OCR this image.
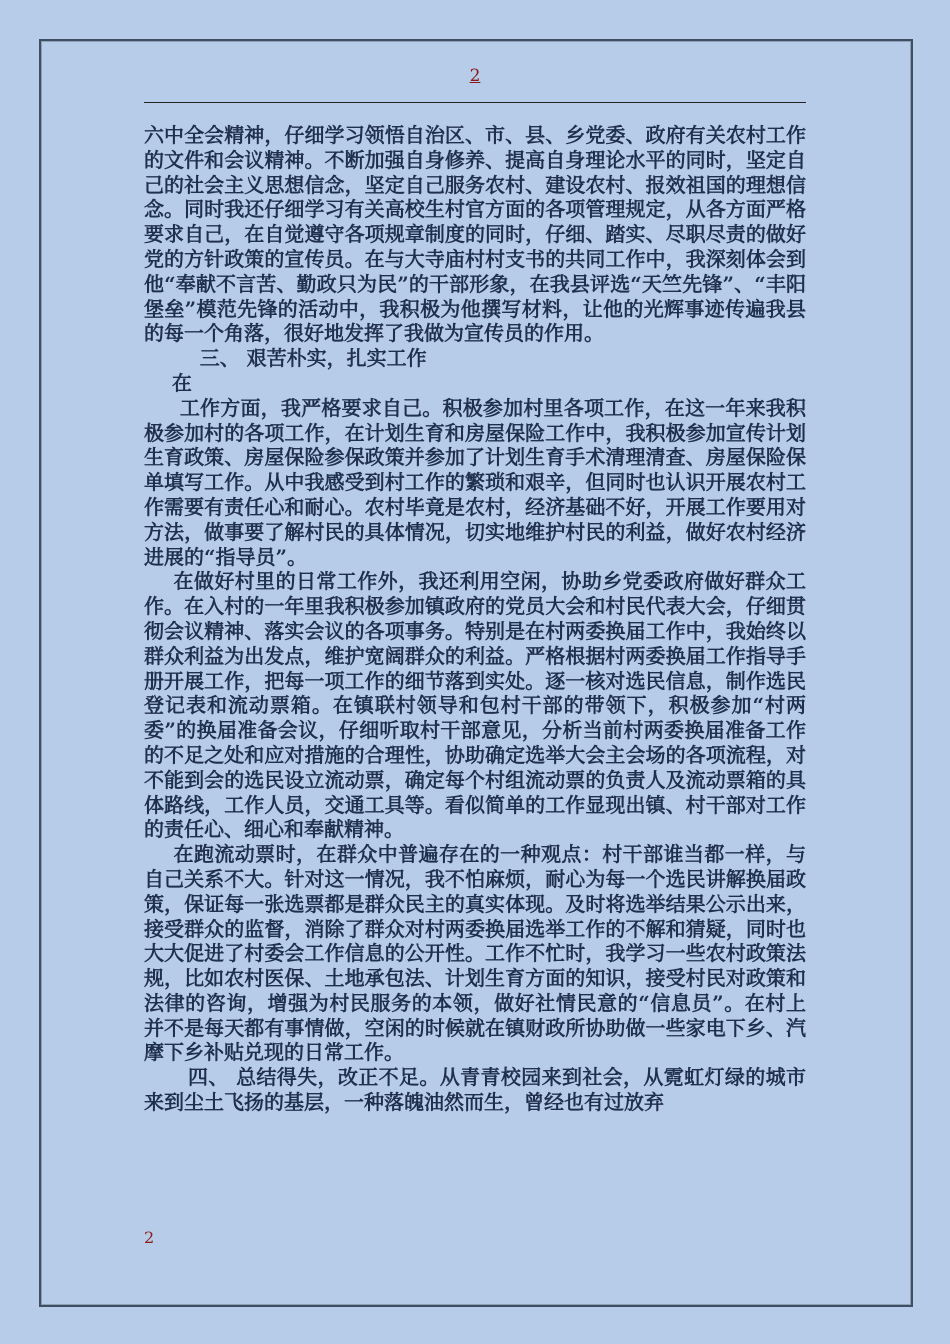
2

六中全会精神，仔细学习领悟自治区、市、县、乡党委、政府有关农村工作的文件和会议精神。不断加强自身修养、提高自身理论水平的同时，坚定自己的社会主义思想信念，坚定自己服务农村、建设农村、报效祖国的理想信念。同时我还仔细学习有关高校生村官方面的各项管理规定，从各方面严格要求自己，在自觉遵守各项规章制度的同时，仔细、踏实、尽职尽责的做好党的方针政策的宣传员。在与大寺庙村村支书的共同工作中，我深刻体会到他“奉献不言苦、勤政只为民”的干部形象，在我县评选“天竺先锋”、“丰阳堡垒”模范先锋的活动中，我积极为他撰写材料，让他的光辉事迹传遍我县的每一个角落，很好地发挥了我做为宣传员的作用。

三、 艰苦朴实，扎实工作

在

工作方面，我严格要求自己。积极参加村里各项工作，在这一年来我积极参加村的各项工作，在计划生育和房屋保险工作中，我积极参加宣传计划生育政策、房屋保险参保政策并参加了计划生育手术清理清查、房屋保险保单填写工作。从中我感受到村工作的繁琐和艰辛，但同时也认识开展农村工作需要有责任心和耐心。农村毕竟是农村，经济基础不好，开展工作要用对方法，做事要了解村民的具体情况，切实地维护村民的利益，做好农村经济进展的“指导员”。

在做好村里的日常工作外，我还利用空闲，协助乡党委政府做好群众工作。在入村的一年里我积极参加镇政府的党员大会和村民代表大会，仔细贯彻会议精神、落实会议的各项事务。特别是在村两委换届工作中，我始终以群众利益为出发点，维护宽阔群众的利益。严格根据村两委换届工作指导手册开展工作，把每一项工作的细节落到实处。逐一核对选民信息，制作选民登记表和流动票箱。在镇联村领导和包村干部的带领下，积极参加“村两委”的换届准备会议，仔细听取村干部意见，分析当前村两委换届准备工作的不足之处和应对措施的合理性，协助确定选举大会主会场的各项流程，对不能到会的选民设立流动票，确定每个村组流动票的负责人及流动票箱的具体路线，工作人员，交通工具等。看似简单的工作显现出镇、村干部对工作的责任心、细心和奉献精神。

在跑流动票时，在群众中普遍存在的一种观点：村干部谁当都一样，与自己关系不大。针对这一情况，我不怕麻烦，耐心为每一个选民讲解换届政策，保证每一张选票都是群众民主的真实体现。及时将选举结果公示出来，接受群众的监督，消除了群众对村两委换届选举工作的不解和猜疑，同时也大大促进了村委会工作信息的公开性。工作不忙时，我学习一些农村政策法规，比如农村医保、土地承包法、计划生育方面的知识，接受村民对政策和法律的咨询，增强为村民服务的本领，做好社情民意的“信息员”。在村上并不是每天都有事情做，空闲的时候就在镇财政所协助做一些家电下乡、汽摩下乡补贴兑现的日常工作。

四、 总结得失，改正不足。从青青校园来到社会，从霓虹灯绿的城市来到尘土飞扬的基层，一种落魄油然而生，曾经也有过放弃

2
